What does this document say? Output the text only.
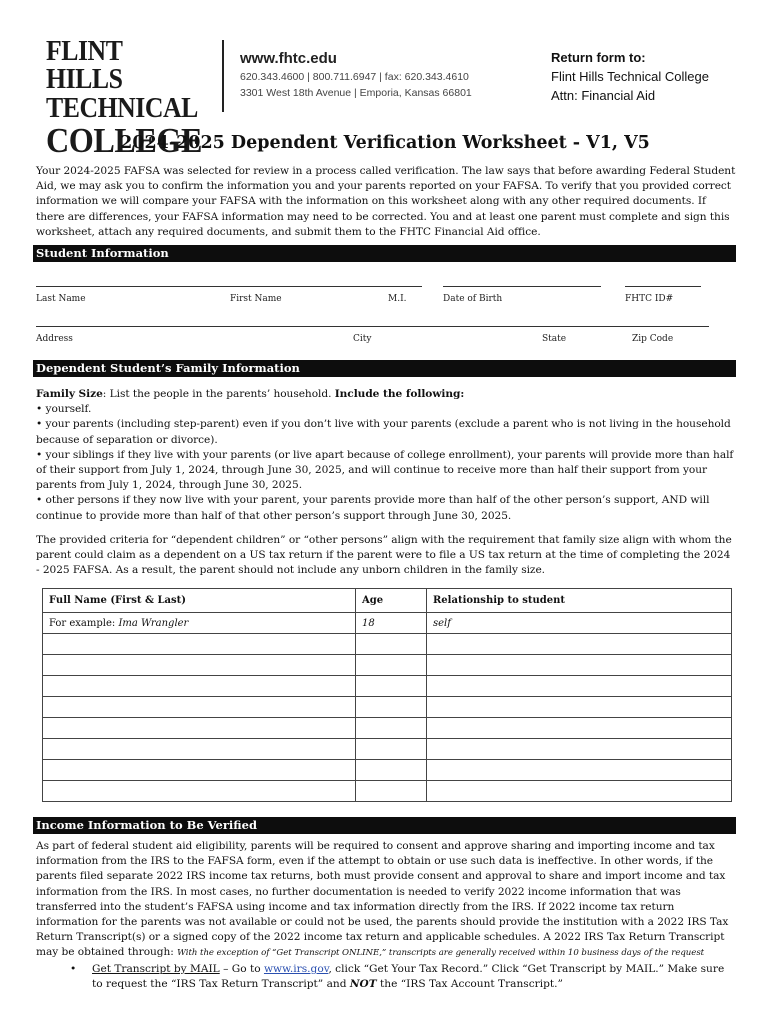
FLINT HILLS
TECHNICAL
COLLEGE
www.fhtc.edu
620.343.4600 | 800.711.6947 | fax: 620.343.4610
3301 West 18th Avenue | Emporia, Kansas 66801
Return form to:
Flint Hills Technical College
Attn: Financial Aid
2024-2025 Dependent Verification Worksheet - V1, V5
Your 2024-2025 FAFSA was selected for review in a process called verification. The law says that before awarding Federal Student Aid, we may ask you to confirm the information you and your parents reported on your FAFSA. To verify that you provided correct information we will compare your FAFSA with the information on this worksheet along with any other required documents. If there are differences, your FAFSA information may need to be corrected. You and at least one parent must complete and sign this worksheet, attach any required documents, and submit them to the FHTC Financial Aid office.
Student Information
Last Name	First Name	M.I.	Date of Birth	FHTC ID#
Address	City	State	Zip Code
Dependent Student’s Family Information

Family Size: List the people in the parents’ household. Include the following:

• yourself.

• your parents (including step-parent) even if you don’t live with your parents (exclude a parent who is not living in the household because of separation or divorce).

• your siblings if they live with your parents (or live apart because of college enrollment), your parents will provide more than half of their support from July 1, 2024, through June 30, 2025, and will continue to receive more than half their support from your parents from July 1, 2024, through June 30, 2025.

• other persons if they now live with your parent, your parents provide more than half of the other person’s support, AND will continue to provide more than half of that other person’s support through June 30, 2025.

The provided criteria for “dependent children” or “other persons” align with the requirement that family size align with whom the parent could claim as a dependent on a US tax return if the parent were to file a US tax return at the time of completing the 2024 - 2025 FAFSA. As a result, the parent should not include any unborn children in the family size.

Full Name (First & Last)	Age	Relationship to student
For example: Ima Wrangler	18	self

Income Information to Be Verified
As part of federal student aid eligibility, parents will be required to consent and approve sharing and importing income and tax information from the IRS to the FAFSA form, even if the attempt to obtain or use such data is ineffective. In other words, if the parents filed separate 2022 IRS income tax returns, both must provide consent and approval to share and import income and tax information from the IRS. In most cases, no further documentation is needed to verify 2022 income information that was transferred into the student’s FAFSA using income and tax information directly from the IRS. If 2022 income tax return information for the parents was not available or could not be used, the parents should provide the institution with a 2022 IRS Tax Return Transcript(s) or a signed copy of the 2022 income tax return and applicable schedules. A 2022 IRS Tax Return Transcript may be obtained through: With the exception of “Get Transcript ONLINE,” transcripts are generally received within 10 business days of the request
• Get Transcript by MAIL – Go to www.irs.gov, click “Get Your Tax Record.” Click “Get Transcript by MAIL.” Make sure to request the “IRS Tax Return Transcript” and NOT the “IRS Tax Account Transcript.”
